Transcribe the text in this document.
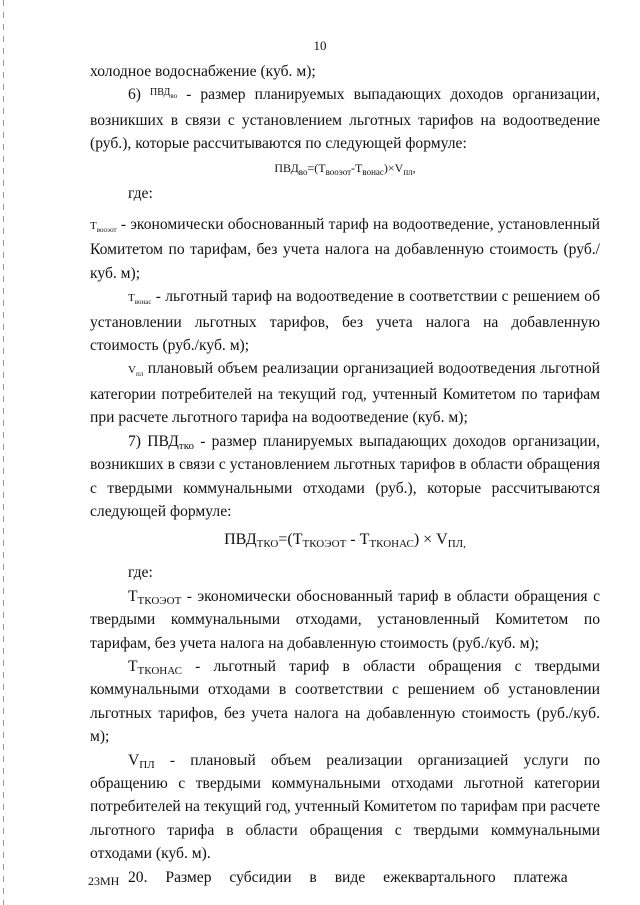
10

холодное водоснабжение (куб. м);

6) $^{ПВД_{во}}$ - размер планируемых выпадающих доходов организации, возникших в связи с установлением льготных тарифов на водоотведение (руб.), которые рассчитываются по следующей формуле:

$ПВД_{во}=(Т_{вооэот}-Т_{вонас})\times V_{пл}$,

где:

$Т_{вооэот}$ - экономически обоснованный тариф на водоотведение, установленный Комитетом по тарифам, без учета налога на добавленную стоимость (руб./куб. м);

$Т_{вонас}$ - льготный тариф на водоотведение в соответствии с решением об установлении льготных тарифов, без учета налога на добавленную стоимость (руб./куб. м);

$V_{пл}$ плановый объем реализации организацией водоотведения льготной категории потребителей на текущий год, учтенный Комитетом по тарифам при расчете льготного тарифа на водоотведение (куб. м);

7) $ПВД_{тко}$ - размер планируемых выпадающих доходов организации, возникших в связи с установлением льготных тарифов в области обращения с твердыми коммунальными отходами (руб.), которые рассчитываются следующей формуле:

$ПВД_{ТКО}=(Т_{ТКОЭОТ} - Т_{ТКОНАС}) \times V_{ПЛ,}$

где:

$Т_{ТКОЭОТ}$ - экономически обоснованный тариф в области обращения с твердыми коммунальными отходами, установленный Комитетом по тарифам, без учета налога на добавленную стоимость (руб./куб. м);

$Т_{ТКОНАС}$ - льготный тариф в области обращения с твердыми коммунальными отходами в соответствии с решением об установлении льготных тарифов, без учета налога на добавленную стоимость (руб./куб. м);

$V_{ПЛ}$ - плановый объем реализации организацией услуги по обращению с твердыми коммунальными отходами льготной категории потребителей на текущий год, учтенный Комитетом по тарифам при расчете льготного тарифа в области обращения с твердыми коммунальными отходами (куб. м).

20. Размер субсидии в виде ежеквартального платежа

23МН
